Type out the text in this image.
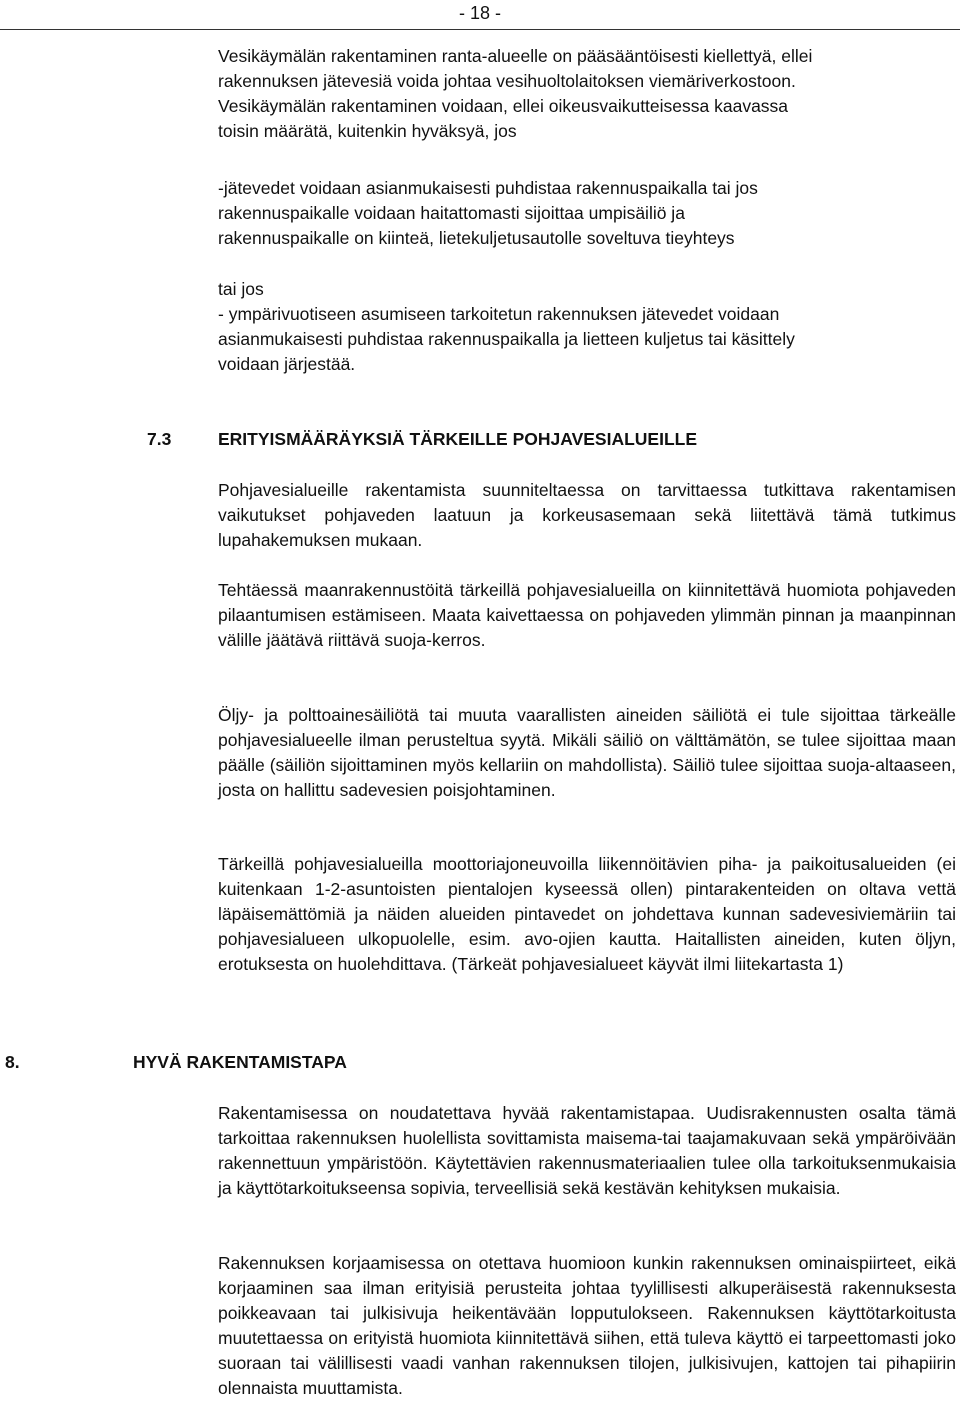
- 18 -

Vesikäymälän rakentaminen ranta-alueelle on pääsääntöisesti kiellettyä, ellei

rakennuksen jätevesiä voida johtaa vesihuoltolaitoksen viemäriverkostoon.

Vesikäymälän rakentaminen voidaan, ellei oikeusvaikutteisessa kaavassa

toisin määrätä, kuitenkin hyväksyä, jos

-jätevedet voidaan asianmukaisesti puhdistaa rakennuspaikalla tai jos

rakennuspaikalle voidaan haitattomasti sijoittaa umpisäiliö ja

rakennuspaikalle on kiinteä, lietekuljetusautolle soveltuva tieyhteys

tai jos

- ympärivuotiseen asumiseen tarkoitetun rakennuksen jätevedet voidaan

asianmukaisesti puhdistaa rakennuspaikalla ja lietteen kuljetus tai käsittely

voidaan järjestää.

7.3	ERITYISMÄÄRÄYKSIÄ TÄRKEILLE POHJAVESIALUEILLE

Pohjavesialueille rakentamista suunniteltaessa on tarvittaessa tutkittava rakentamisen vaikutukset pohjaveden laatuun ja korkeusasemaan sekä liitettävä tämä tutkimus lupahakemuksen mukaan.

Tehtäessä maanrakennustöitä tärkeillä pohjavesialueilla on kiinnitettävä huomiota pohjaveden pilaantumisen estämiseen. Maata kaivettaessa on pohjaveden ylimmän pinnan ja maanpinnan välille jäätävä riittävä suoja-kerros.

Öljy- ja polttoainesäiliötä tai muuta vaarallisten aineiden säiliötä ei tule sijoittaa tärkeälle pohjavesialueelle ilman perusteltua syytä. Mikäli säiliö on välttämätön, se tulee sijoittaa maan päälle (säiliön sijoittaminen myös kellariin on mahdollista). Säiliö tulee sijoittaa suoja-altaaseen, josta on hallittu sadevesien poisjohtaminen.

Tärkeillä pohjavesialueilla moottoriajoneuvoilla liikennöitävien piha- ja paikoitusalueiden (ei kuitenkaan 1-2-asuntoisten pientalojen kyseessä ollen) pintarakenteiden on oltava vettä läpäisemättömiä ja näiden alueiden pintavedet on johdettava kunnan sadevesiviemäriin tai pohjavesialueen ulkopuolelle, esim. avo-ojien kautta. Haitallisten aineiden, kuten öljyn, erotuksesta on huolehdittava. (Tärkeät pohjavesialueet käyvät ilmi liitekartasta 1)

8.	HYVÄ RAKENTAMISTAPA

Rakentamisessa on noudatettava hyvää rakentamistapaa. Uudisrakennusten osalta tämä tarkoittaa rakennuksen huolellista sovittamista maisema-tai taajamakuvaan sekä ympäröivään rakennettuun ympäristöön. Käytettävien rakennusmateriaalien tulee olla tarkoituksenmukaisia ja käyttötarkoitukseensa sopivia, terveellisiä sekä kestävän kehityksen mukaisia.

Rakennuksen korjaamisessa on otettava huomioon kunkin rakennuksen ominaispiirteet, eikä korjaaminen saa ilman erityisiä perusteita johtaa tyylillisesti alkuperäisestä rakennuksesta poikkeavaan tai julkisivuja heikentävään lopputulokseen. Rakennuksen käyttötarkoitusta muutettaessa on erityistä huomiota kiinnitettävä siihen, että tuleva käyttö ei tarpeettomasti joko suoraan tai välillisesti vaadi vanhan rakennuksen tilojen, julkisivujen, kattojen tai pihapiirin olennaista muuttamista.
